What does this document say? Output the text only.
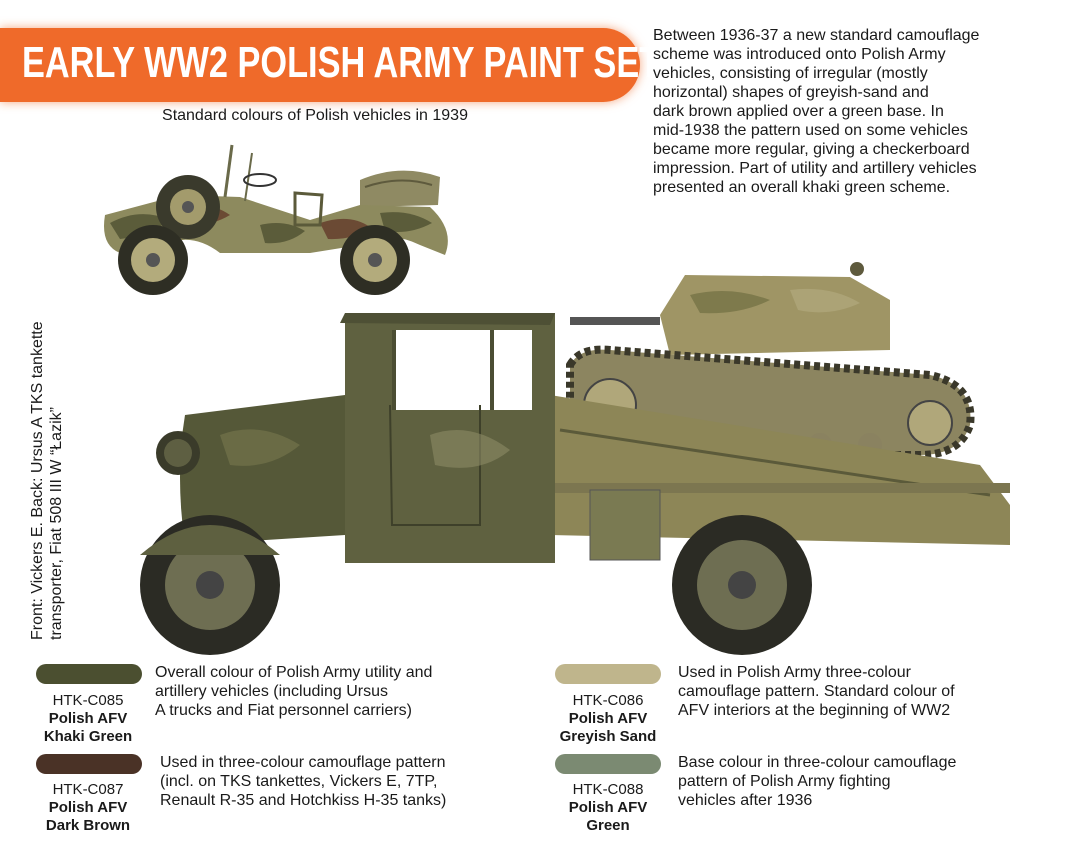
EARLY WW2 POLISH ARMY PAINT SET
Standard colours of Polish vehicles in 1939
Between 1936-37 a new standard camouflage
scheme was introduced onto Polish Army
vehicles, consisting of irregular (mostly
horizontal) shapes of greyish-sand and
dark brown applied over a green base. In
mid-1938 the pattern used on some vehicles
became more regular, giving a checkerboard
impression. Part of utility and artillery vehicles
presented an overall khaki green scheme.
Front: Vickers E. Back: Ursus A TKS tankette transporter, Fiat 508 III W “Łazik”
HTK-C085
Polish AFV
Khaki Green
Overall colour of Polish Army utility and
artillery vehicles (including Ursus
A trucks and Fiat personnel carriers)
HTK-C086
Polish AFV
Greyish Sand
Used in Polish Army three-colour
camouflage pattern. Standard colour of
AFV interiors at the beginning of WW2
HTK-C087
Polish AFV
Dark Brown
Used in three-colour camouflage pattern
(incl. on TKS tankettes, Vickers E, 7TP,
Renault R-35 and Hotchkiss H-35 tanks)
HTK-C088
Polish AFV
Green
Base colour in three-colour camouflage
pattern of Polish Army fighting
vehicles after 1936
